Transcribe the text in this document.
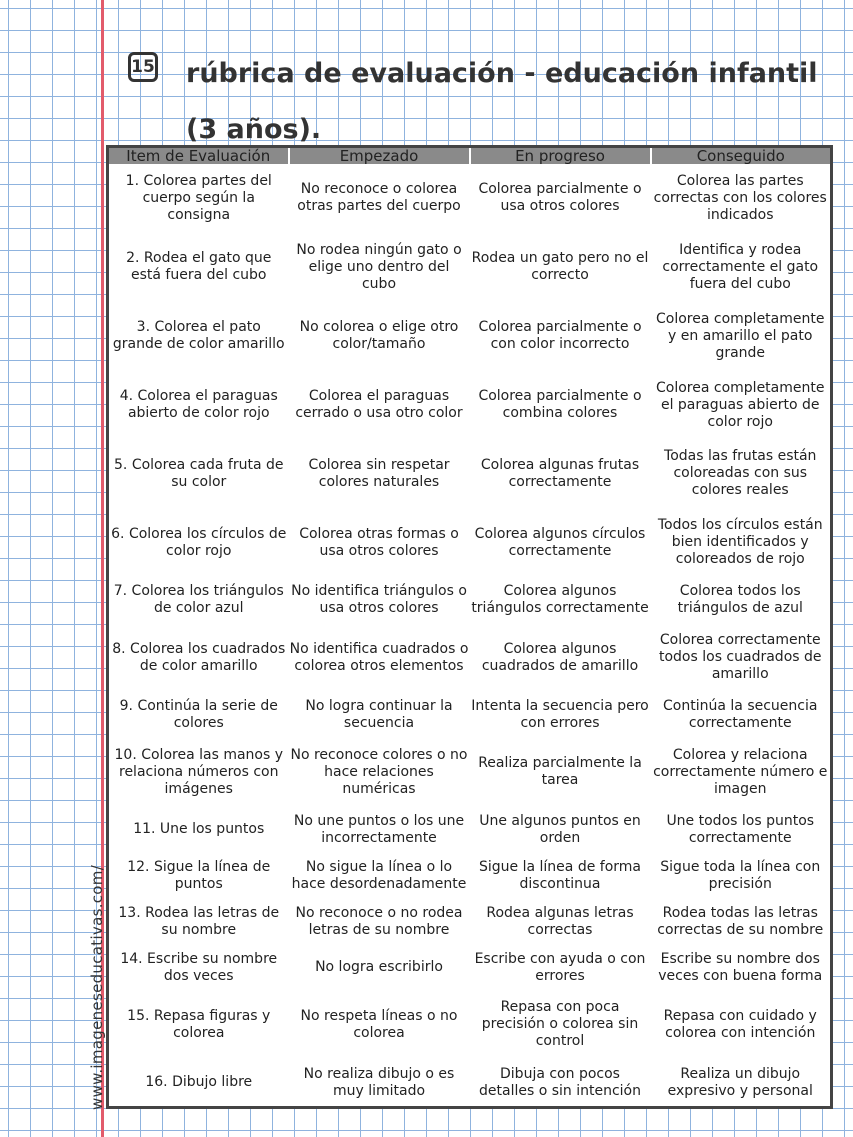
www.imageneseducativas.com/
15 rúbrica de evaluación - educación infantil (3 años).
Item de Evaluación	Empezado	En progreso	Conseguido
1. Colorea partes del cuerpo según la consigna	No reconoce o colorea otras partes del cuerpo	Colorea parcialmente o usa otros colores	Colorea las partes correctas con los colores indicados
2. Rodea el gato que está fuera del cubo	No rodea ningún gato o elige uno dentro del cubo	Rodea un gato pero no el correcto	Identifica y rodea correctamente el gato fuera del cubo
3. Colorea el pato grande de color amarillo	No colorea o elige otro color/tamaño	Colorea parcialmente o con color incorrecto	Colorea completamente y en amarillo el pato grande
4. Colorea el paraguas abierto de color rojo	Colorea el paraguas cerrado o usa otro color	Colorea parcialmente o combina colores	Colorea completamente el paraguas abierto de color rojo
5. Colorea cada fruta de su color	Colorea sin respetar colores naturales	Colorea algunas frutas correctamente	Todas las frutas están coloreadas con sus colores reales
6. Colorea los círculos de color rojo	Colorea otras formas o usa otros colores	Colorea algunos círculos correctamente	Todos los círculos están bien identificados y coloreados de rojo
7. Colorea los triángulos de color azul	No identifica triángulos o usa otros colores	Colorea algunos triángulos correctamente	Colorea todos los triángulos de azul
8. Colorea los cuadrados de color amarillo	No identifica cuadrados o colorea otros elementos	Colorea algunos cuadrados de amarillo	Colorea correctamente todos los cuadrados de amarillo
9. Continúa la serie de colores	No logra continuar la secuencia	Intenta la secuencia pero con errores	Continúa la secuencia correctamente
10. Colorea las manos y relaciona números con imágenes	No reconoce colores o no hace relaciones numéricas	Realiza parcialmente la tarea	Colorea y relaciona correctamente número e imagen
11. Une los puntos	No une puntos o los une incorrectamente	Une algunos puntos en orden	Une todos los puntos correctamente
12. Sigue la línea de puntos	No sigue la línea o lo hace desordenadamente	Sigue la línea de forma discontinua	Sigue toda la línea con precisión
13. Rodea las letras de su nombre	No reconoce o no rodea letras de su nombre	Rodea algunas letras correctas	Rodea todas las letras correctas de su nombre
14. Escribe su nombre dos veces	No logra escribirlo	Escribe con ayuda o con errores	Escribe su nombre dos veces con buena forma
15. Repasa figuras y colorea	No respeta líneas o no colorea	Repasa con poca precisión o colorea sin control	Repasa con cuidado y colorea con intención
16. Dibujo libre	No realiza dibujo o es muy limitado	Dibuja con pocos detalles o sin intención	Realiza un dibujo expresivo y personal
